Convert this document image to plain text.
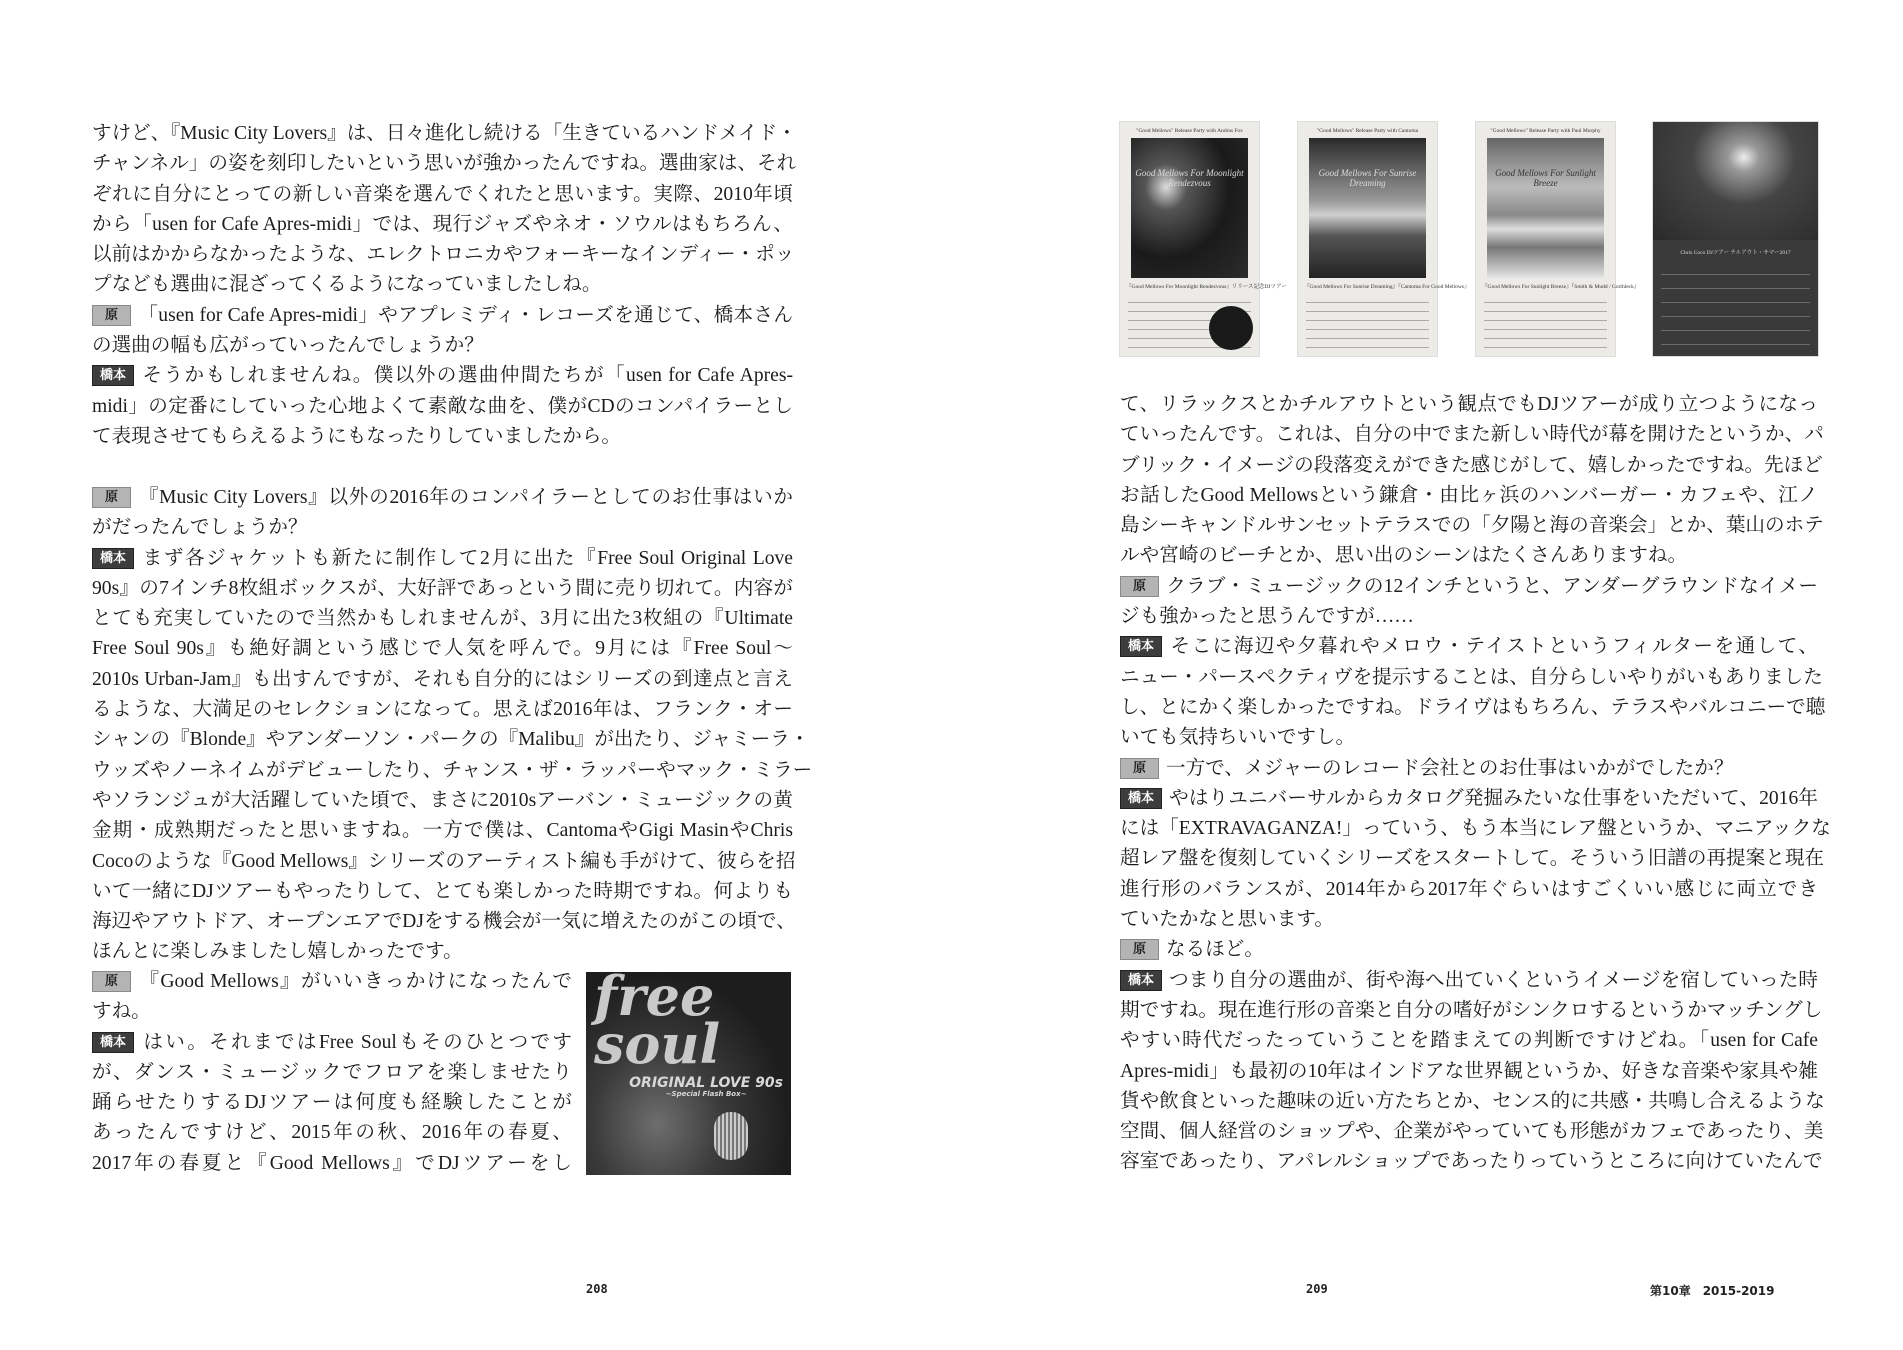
すけど、『Music City Lovers』は、日々進化し続ける「生きているハンドメイド・
チャンネル」の姿を刻印したいという思いが強かったんですね。選曲家は、それ
ぞれに自分にとっての新しい音楽を選んでくれたと思います。実際、2010年頃
から「usen for Cafe Apres-midi」では、現行ジャズやネオ・ソウルはもちろん、
以前はかからなかったような、エレクトロニカやフォーキーなインディー・ポッ
プなども選曲に混ざってくるようになっていましたしね。
原 「usen for Cafe Apres-midi」やアプレミディ・レコーズを通じて、橋本さん
の選曲の幅も広がっていったんでしょうか？
橋本 そうかもしれませんね。僕以外の選曲仲間たちが「usen for Cafe Apres-
midi」の定番にしていった心地よくて素敵な曲を、僕がCDのコンパイラーとし
て表現させてもらえるようにもなったりしていましたから。
原 『Music City Lovers』以外の2016年のコンパイラーとしてのお仕事はいか
がだったんでしょうか？
橋本 まず各ジャケットも新たに制作して2月に出た『Free Soul Original Love
90s』の7インチ8枚組ボックスが、大好評であっという間に売り切れて。内容が
とても充実していたので当然かもしれませんが、3月に出た3枚組の『Ultimate
Free Soul 90s』も絶好調という感じで人気を呼んで。9月には『Free Soul〜
2010s Urban-Jam』も出すんですが、それも自分的にはシリーズの到達点と言え
るような、大満足のセレクションになって。思えば2016年は、フランク・オー
シャンの『Blonde』やアンダーソン・パークの『Malibu』が出たり、ジャミーラ・
ウッズやノーネイムがデビューしたり、チャンス・ザ・ラッパーやマック・ミラー
やソランジュが大活躍していた頃で、まさに2010sアーバン・ミュージックの黄
金期・成熟期だったと思いますね。一方で僕は、CantomaやGigi MasinやChris
Cocoのような『Good Mellows』シリーズのアーティスト編も手がけて、彼らを招
いて一緒にDJツアーもやったりして、とても楽しかった時期ですね。何よりも
海辺やアウトドア、オープンエアでDJをする機会が一気に増えたのがこの頃で、
ほんとに楽しみましたし嬉しかったです。
原 『Good Mellows』がいいきっかけになったんで
すね。
橋本 はい。それまではFree Soulもそのひとつです
が、ダンス・ミュージックでフロアを楽しませたり
踊らせたりするDJツアーは何度も経験したことが
あったんですけど、2015年の秋、2016年の春夏、
2017年の春夏と『Good Mellows』でDJツアーをし
free soul
ORIGINAL LOVE 90s
~Special Flash Box~
208
"Good Mellows" Release Party with Andras Fox
Good Mellows For Moonlight Rendezvous
『Good Mellows For Moonlight Rendezvous』リリース記念DJツアー
"Good Mellows" Release Party with Cantoma
Good Mellows For Sunrise Dreaming
『Good Mellows For Sunrise Dreaming』『Cantoma For Good Mellows』
"Good Mellows" Release Party with Paul Murphy
Good Mellows For Sunlight Breeze
『Good Mellows For Sunlight Breeze』『Smith & Mudd / Gorthleck』
Chris Coco DJツアー チルアウト・サマー2017
て、リラックスとかチルアウトという観点でもDJツアーが成り立つようになっ
ていったんです。これは、自分の中でまた新しい時代が幕を開けたというか、パ
ブリック・イメージの段落変えができた感じがして、嬉しかったですね。先ほど
お話したGood Mellowsという鎌倉・由比ヶ浜のハンバーガー・カフェや、江ノ
島シーキャンドルサンセットテラスでの「夕陽と海の音楽会」とか、葉山のホテ
ルや宮崎のビーチとか、思い出のシーンはたくさんありますね。
原 クラブ・ミュージックの12インチというと、アンダーグラウンドなイメー
ジも強かったと思うんですが……
橋本 そこに海辺や夕暮れやメロウ・テイストというフィルターを通して、
ニュー・パースペクティヴを提示することは、自分らしいやりがいもありました
し、とにかく楽しかったですね。ドライヴはもちろん、テラスやバルコニーで聴
いても気持ちいいですし。
原 一方で、メジャーのレコード会社とのお仕事はいかがでしたか？
橋本 やはりユニバーサルからカタログ発掘みたいな仕事をいただいて、2016年
には「EXTRAVAGANZA!」っていう、もう本当にレア盤というか、マニアックな
超レア盤を復刻していくシリーズをスタートして。そういう旧譜の再提案と現在
進行形のバランスが、2014年から2017年ぐらいはすごくいい感じに両立でき
ていたかなと思います。
原 なるほど。
橋本 つまり自分の選曲が、街や海へ出ていくというイメージを宿していった時
期ですね。現在進行形の音楽と自分の嗜好がシンクロするというかマッチングし
やすい時代だったっていうことを踏まえての判断ですけどね。「usen for Cafe
Apres-midi」も最初の10年はインドアな世界観というか、好きな音楽や家具や雑
貨や飲食といった趣味の近い方たちとか、センス的に共感・共鳴し合えるような
空間、個人経営のショップや、企業がやっていても形態がカフェであったり、美
容室であったり、アパレルショップであったりっていうところに向けていたんで
209	第10章　2015-2019
